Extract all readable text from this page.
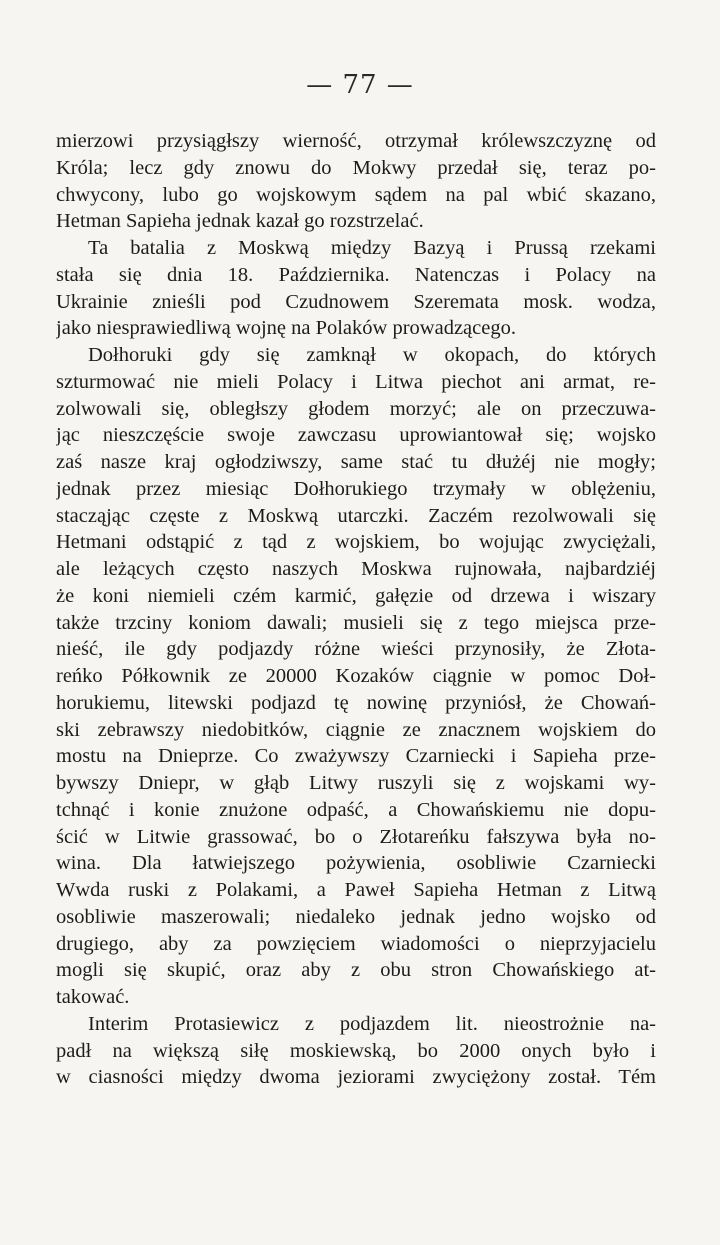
— 77 —
mierzowi przysiągłszy wierność, otrzymał królewszczyznę od
Króla; lecz gdy znowu do Mokwy przedał się, teraz po-
chwycony, lubo go wojskowym sądem na pal wbić skazano,
Hetman Sapieha jednak kazał go rozstrzelać.
Ta batalia z Moskwą między Bazyą i Prussą rzekami
stała się dnia 18. Października. Natenczas i Polacy na
Ukrainie znieśli pod Czudnowem Szeremata mosk. wodza,
jako niesprawiedliwą wojnę na Polaków prowadzącego.
Dołhoruki gdy się zamknął w okopach, do których
szturmować nie mieli Polacy i Litwa piechot ani armat, re-
zolwowali się, obległszy głodem morzyć; ale on przeczuwa-
jąc nieszczęście swoje zawczasu uprowiantował się; wojsko
zaś nasze kraj ogłodziwszy, same stać tu dłużéj nie mogły;
jednak przez miesiąc Dołhorukiego trzymały w oblężeniu,
stacząjąc częste z Moskwą utarczki. Zaczém rezolwowali się
Hetmani odstąpić z tąd z wojskiem, bo wojując zwyciężali,
ale leżących często naszych Moskwa rujnowała, najbardziéj
że koni niemieli czém karmić, gałęzie od drzewa i wiszary
także trzciny koniom dawali; musieli się z tego miejsca prze-
nieść, ile gdy podjazdy różne wieści przynosiły, że Złota-
reńko Półkownik ze 20000 Kozaków ciągnie w pomoc Doł-
horukiemu, litewski podjazd tę nowinę przyniósł, że Chowań-
ski zebrawszy niedobitków, ciągnie ze znacznem wojskiem do
mostu na Dnieprze. Co zważywszy Czarniecki i Sapieha prze-
bywszy Dniepr, w głąb Litwy ruszyli się z wojskami wy-
tchnąć i konie znużone odpaść, a Chowańskiemu nie dopu-
ścić w Litwie grassować, bo o Złotareńku fałszywa była no-
wina. Dla łatwiejszego pożywienia, osobliwie Czarniecki
Wwda ruski z Polakami, a Paweł Sapieha Hetman z Litwą
osobliwie maszerowali; niedaleko jednak jedno wojsko od
drugiego, aby za powzięciem wiadomości o nieprzyjacielu
mogli się skupić, oraz aby z obu stron Chowańskiego at-
takować.
Interim Protasiewicz z podjazdem lit. nieostrożnie na-
padł na większą siłę moskiewską, bo 2000 onych było i
w ciasności między dwoma jeziorami zwyciężony został. Tém
